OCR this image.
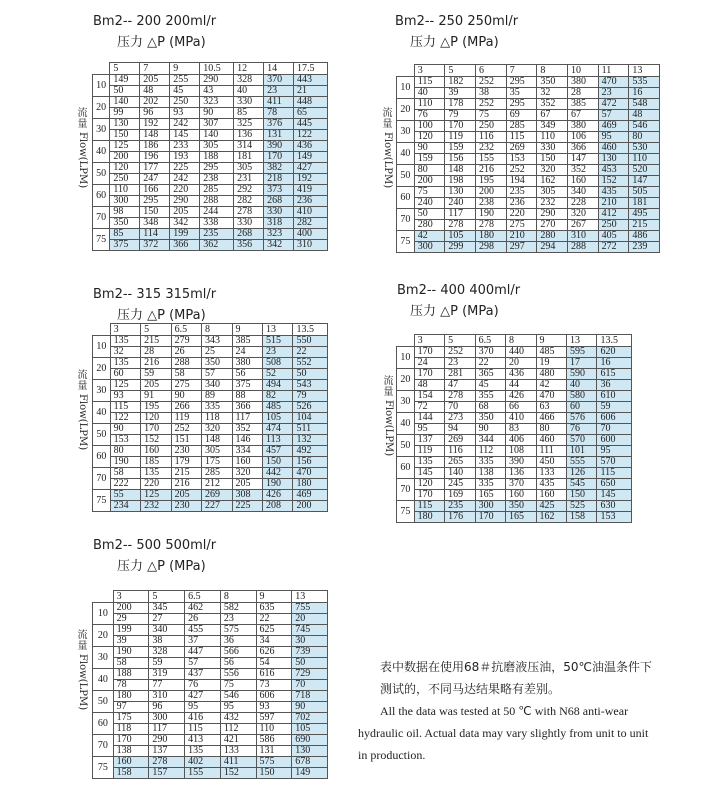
Bm2-- 200 200ml/r
压力 △P (MPa)
流量
Flow(LPM)
	5	7	9	10.5	12	14	17.5
10	149	205	255	290	328	370	443
	50	48	45	43	40	23	21
20	140	202	250	323	330	411	448
	99	96	93	90	85	78	65
30	130	192	242	307	325	376	445
	150	148	145	140	136	131	122
40	125	186	233	305	314	390	436
	200	196	193	188	181	170	149
50	120	177	225	295	305	382	427
	250	247	242	238	231	218	192
60	110	166	220	285	292	373	419
	300	295	290	288	282	268	236
70	98	150	205	244	278	330	410
	350	348	342	338	330	318	282
75	85	114	199	235	268	323	400
	375	372	366	362	356	342	310
Bm2-- 250 250ml/r
压力 △P (MPa)
流量
Flow(LPM)
	3	5	6	7	8	10	11	13
10	115	182	252	295	350	380	470	535
	40	39	38	35	32	28	23	16
20	110	178	252	295	352	385	472	548
	76	79	75	69	67	67	57	48
30	100	170	250	285	349	380	469	546
	120	119	116	115	110	106	95	80
40	90	159	232	269	330	366	460	530
	159	156	155	153	150	147	130	110
50	80	148	216	252	320	352	453	520
	200	198	195	194	162	160	152	147
60	75	130	200	235	305	340	435	505
	240	240	238	236	232	228	210	181
70	50	117	190	220	290	320	412	495
	280	278	278	275	270	267	250	215
75	42	105	180	210	280	310	405	486
	300	299	298	297	294	288	272	239
Bm2-- 315 315ml/r
压力 △P (MPa)
流量
Flow(LPM)
	3	5	6.5	8	9	13	13.5
10	135	215	279	343	385	515	550
	32	28	26	25	24	23	22
20	135	216	288	350	380	508	552
	60	59	58	57	56	52	50
30	125	205	275	340	375	494	543
	93	91	90	89	88	82	79
40	115	195	266	335	366	485	526
	122	120	119	118	117	105	104
50	90	170	252	320	352	474	511
	153	152	151	148	146	113	132
60	80	160	230	305	334	457	492
	190	185	179	175	160	150	156
70	58	135	215	285	320	442	470
	222	220	216	212	205	190	180
75	55	125	205	269	308	426	469
	234	232	230	227	225	208	200
Bm2-- 400 400ml/r
压力 △P (MPa)
流量
Flow(LPM)
	3	5	6.5	8	9	13	13.5
10	170	252	370	440	485	595	620
	24	23	22	20	19	17	16
20	170	281	365	436	480	590	615
	48	47	45	44	42	40	36
30	154	278	355	426	470	580	610
	72	70	68	66	63	60	59
40	144	273	350	410	466	576	606
	95	94	90	83	80	76	70
50	137	269	344	406	460	570	600
	119	116	112	108	111	101	95
60	135	265	335	390	450	555	570
	145	140	138	136	133	126	115
70	120	245	335	370	435	545	650
	170	169	165	160	160	150	145
75	115	235	300	350	425	525	630
	180	176	170	165	162	158	153
Bm2-- 500 500ml/r
压力 △P (MPa)
流量
Flow(LPM)
	3	5	6.5	8	9	13
10	200	345	462	582	635	755
	29	27	26	23	22	20
20	199	340	455	575	625	745
	39	38	37	36	34	30
30	190	328	447	566	626	739
	58	59	57	56	54	50
40	188	319	437	556	616	729
	78	77	76	75	73	70
50	180	310	427	546	606	718
	97	96	95	95	93	90
60	175	300	416	432	597	702
	118	117	115	112	110	105
70	170	290	413	421	586	690
	138	137	135	133	131	130
75	160	278	402	411	575	678
	158	157	155	152	150	149
表中数据在使用68＃抗磨液压油，50℃油温条件下测试的，不同马达结果略有差别。
All the data was tested at 50 ℃ with N68 anti-wear hydraulic oil. Actual data may vary slightly from unit to unit in production.
